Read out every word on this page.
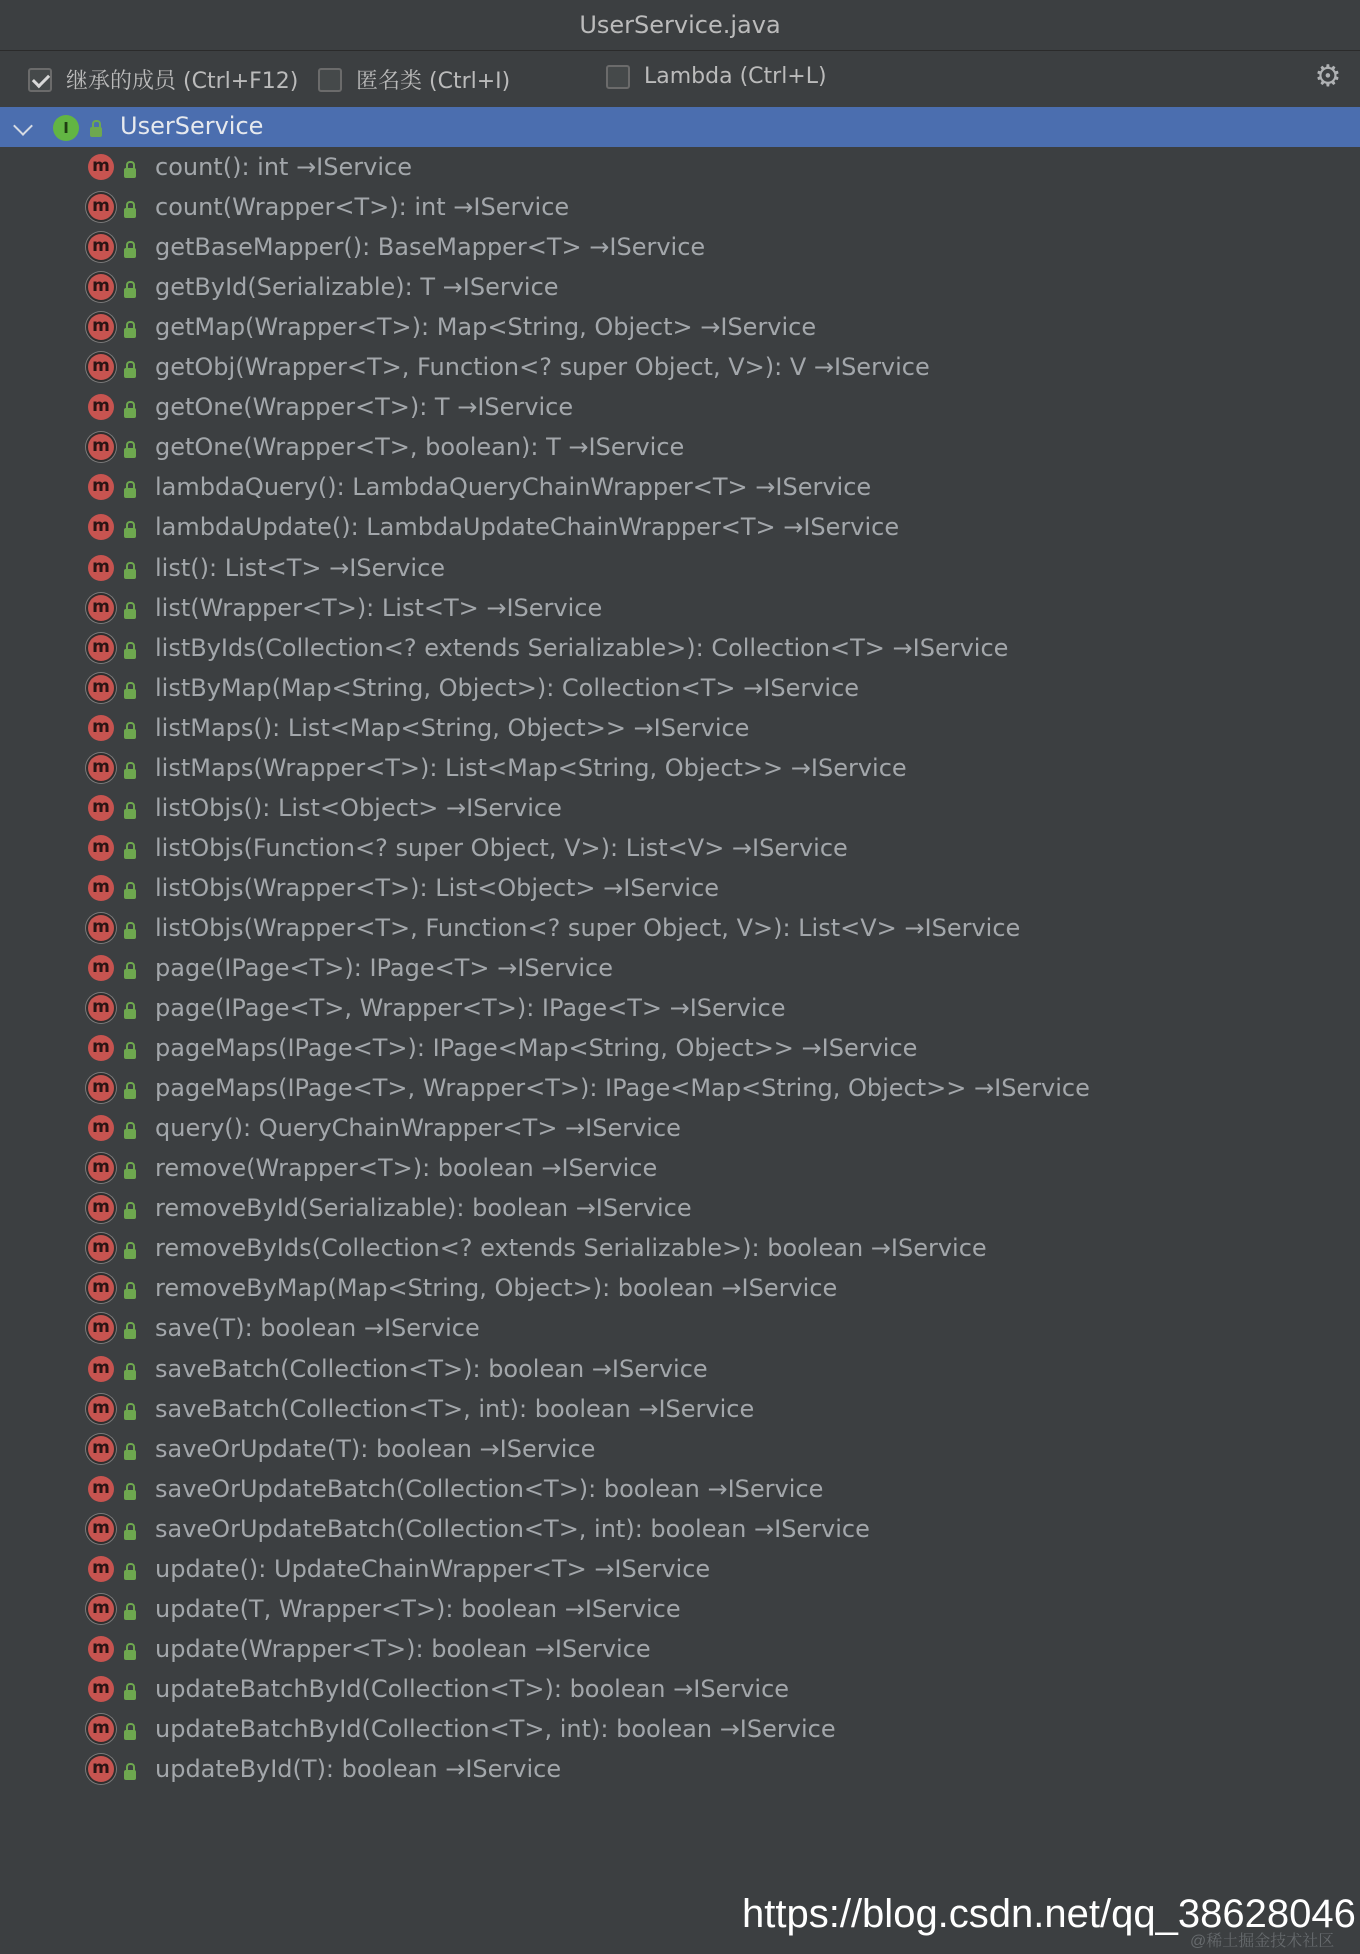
UserService.java
继承的成员 (Ctrl+F12)	匿名类 (Ctrl+I)	Lambda (Ctrl+L)	⚙
I	UserService
m count(): int →IService
m count(Wrapper<T>): int →IService
m getBaseMapper(): BaseMapper<T> →IService
m getById(Serializable): T →IService
m getMap(Wrapper<T>): Map<String, Object> →IService
m getObj(Wrapper<T>, Function<? super Object, V>): V →IService
m getOne(Wrapper<T>): T →IService
m getOne(Wrapper<T>, boolean): T →IService
m lambdaQuery(): LambdaQueryChainWrapper<T> →IService
m lambdaUpdate(): LambdaUpdateChainWrapper<T> →IService
m list(): List<T> →IService
m list(Wrapper<T>): List<T> →IService
m listByIds(Collection<? extends Serializable>): Collection<T> →IService
m listByMap(Map<String, Object>): Collection<T> →IService
m listMaps(): List<Map<String, Object>> →IService
m listMaps(Wrapper<T>): List<Map<String, Object>> →IService
m listObjs(): List<Object> →IService
m listObjs(Function<? super Object, V>): List<V> →IService
m listObjs(Wrapper<T>): List<Object> →IService
m listObjs(Wrapper<T>, Function<? super Object, V>): List<V> →IService
m page(IPage<T>): IPage<T> →IService
m page(IPage<T>, Wrapper<T>): IPage<T> →IService
m pageMaps(IPage<T>): IPage<Map<String, Object>> →IService
m pageMaps(IPage<T>, Wrapper<T>): IPage<Map<String, Object>> →IService
m query(): QueryChainWrapper<T> →IService
m remove(Wrapper<T>): boolean →IService
m removeById(Serializable): boolean →IService
m removeByIds(Collection<? extends Serializable>): boolean →IService
m removeByMap(Map<String, Object>): boolean →IService
m save(T): boolean →IService
m saveBatch(Collection<T>): boolean →IService
m saveBatch(Collection<T>, int): boolean →IService
m saveOrUpdate(T): boolean →IService
m saveOrUpdateBatch(Collection<T>): boolean →IService
m saveOrUpdateBatch(Collection<T>, int): boolean →IService
m update(): UpdateChainWrapper<T> →IService
m update(T, Wrapper<T>): boolean →IService
m update(Wrapper<T>): boolean →IService
m updateBatchById(Collection<T>): boolean →IService
m updateBatchById(Collection<T>, int): boolean →IService
m updateById(T): boolean →IService
https://blog.csdn.net/qq_38628046
@稀土掘金技术社区
